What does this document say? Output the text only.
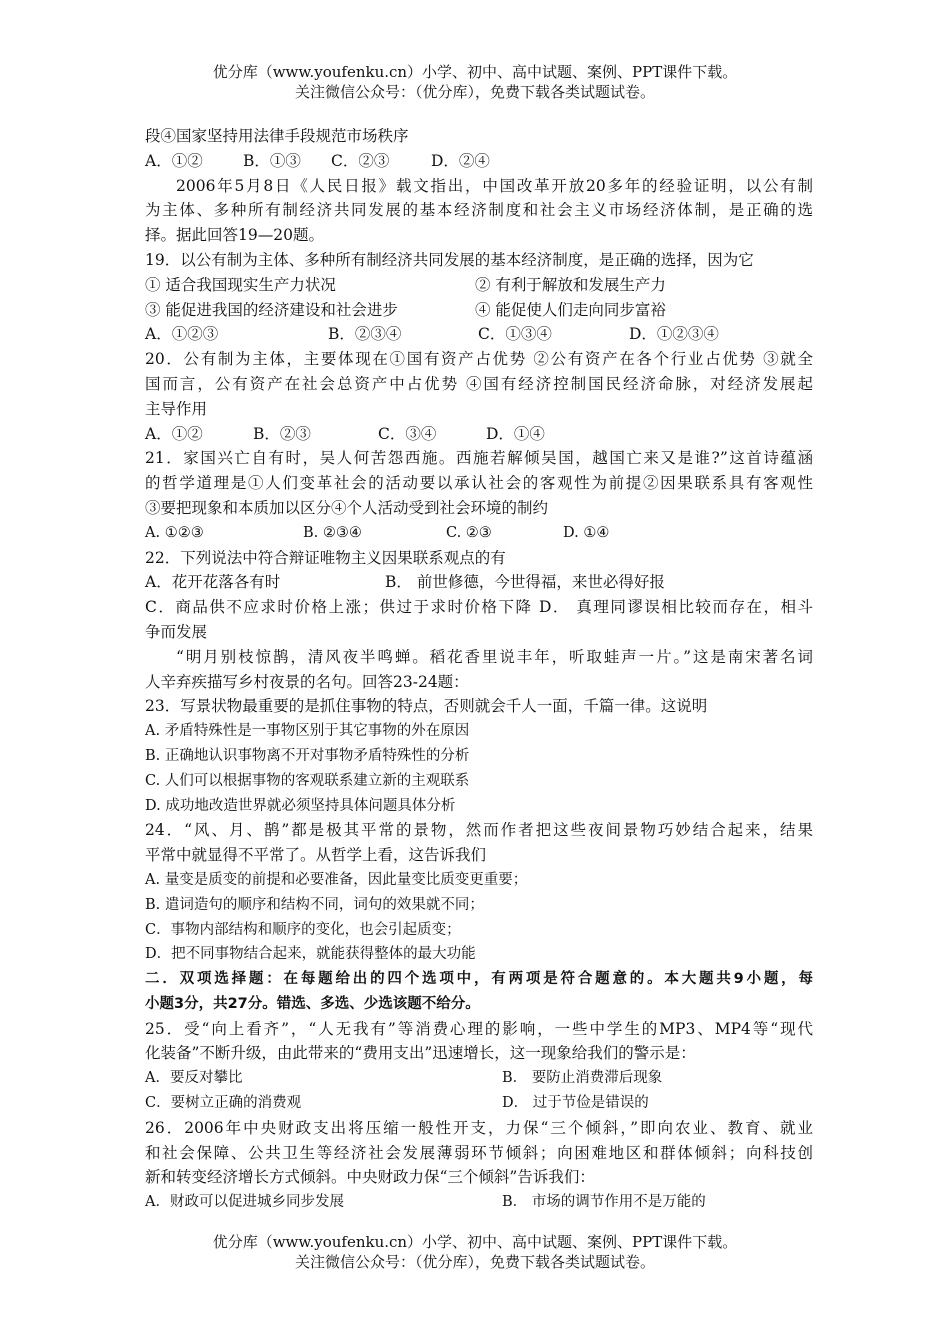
优分库（www.youfenku.cn）小学、初中、高中试题、案例、PPT课件下载。
关注微信公众号：（优分库），免费下载各类试题试卷。
段④国家坚持用法律手段规范市场秩序
A．①②	B．①③	C．②③	D．②④
2006年5月8日《人民日报》载文指出，中国改革开放20多年的经验证明，以公有制
为主体、多种所有制经济共同发展的基本经济制度和社会主义市场经济体制，是正确的选
择。据此回答19—20题。
19．以公有制为主体、多种所有制经济共同发展的基本经济制度，是正确的选择，因为它
① 适合我国现实生产力状况	② 有利于解放和发展生产力
③ 能促进我国的经济建设和社会进步	④ 能促使人们走向同步富裕
A．①②③	B．②③④	C．①③④	D．①②③④
20．公有制为主体，主要体现在①国有资产占优势 ②公有资产在各个行业占优势 ③就全
国而言，公有资产在社会总资产中占优势 ④国有经济控制国民经济命脉，对经济发展起
主导作用
A．①②	B．②③	C．③④	D．①④
21．家国兴亡自有时，吴人何苦怨西施。西施若解倾吴国，越国亡来又是谁?”这首诗蕴涵
的哲学道理是①人们变革社会的活动要以承认社会的客观性为前提②因果联系具有客观性
③要把现象和本质加以区分④个人活动受到社会环境的制约
A. ①②③	B. ②③④	C. ②③	D. ①④
22．下列说法中符合辩证唯物主义因果联系观点的有
A．花开花落各有时	B． 前世修德，今世得福，来世必得好报
C．商品供不应求时价格上涨；供过于求时价格下降 D． 真理同谬误相比较而存在，相斗
争而发展
“明月别枝惊鹊，清风夜半鸣蝉。稻花香里说丰年，听取蛙声一片。”这是南宋著名词
人辛弃疾描写乡村夜景的名句。回答23-24题：
23．写景状物最重要的是抓住事物的特点，否则就会千人一面，千篇一律。这说明
A. 矛盾特殊性是一事物区别于其它事物的外在原因
B. 正确地认识事物离不开对事物矛盾特殊性的分析
C. 人们可以根据事物的客观联系建立新的主观联系
D. 成功地改造世界就必须坚持具体问题具体分析
24．“风、月、鹊”都是极其平常的景物，然而作者把这些夜间景物巧妙结合起来，结果
平常中就显得不平常了。从哲学上看，这告诉我们
A. 量变是质变的前提和必要准备，因此量变比质变更重要；
B. 遣词造句的顺序和结构不同，词句的效果就不同；
C．事物内部结构和顺序的变化，也会引起质变；
D．把不同事物结合起来，就能获得整体的最大功能
二．双项选择题：在每题给出的四个选项中，有两项是符合题意的。本大题共9小题，每
小题3分，共27分。错选、多选、少选该题不给分。
25．受“向上看齐”，“人无我有”等消费心理的影响，一些中学生的MP3、MP4等“现代
化装备”不断升级，由此带来的“费用支出”迅速增长，这一现象给我们的警示是：
A．要反对攀比	B． 要防止消费滞后现象
C．要树立正确的消费观	D． 过于节俭是错误的
26．2006年中央财政支出将压缩一般性开支，力保“三个倾斜，”即向农业、教育、就业
和社会保障、公共卫生等经济社会发展薄弱环节倾斜；向困难地区和群体倾斜；向科技创
新和转变经济增长方式倾斜。中央财政力保“三个倾斜”告诉我们：
A．财政可以促进城乡同步发展	B． 市场的调节作用不是万能的
优分库（www.youfenku.cn）小学、初中、高中试题、案例、PPT课件下载。
关注微信公众号：（优分库），免费下载各类试题试卷。
